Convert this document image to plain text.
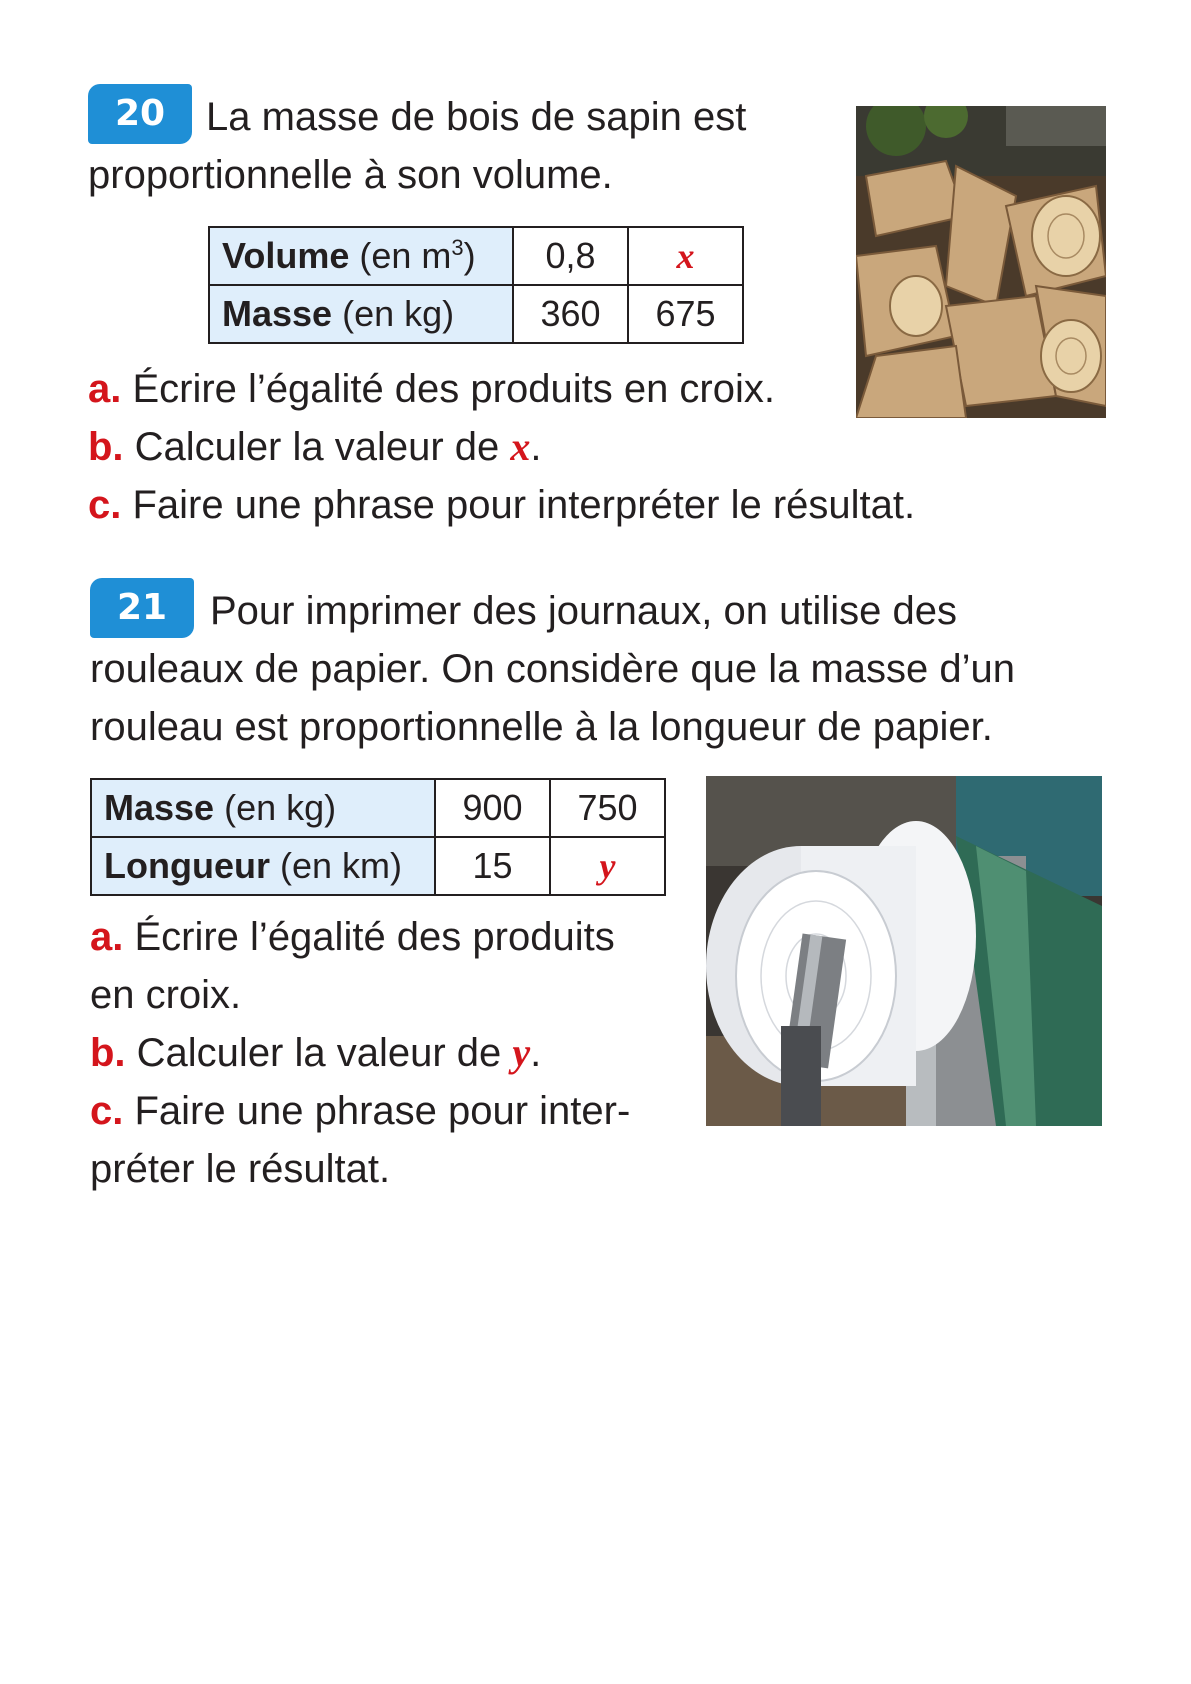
20	La masse de bois de sapin est
proportionnelle à son volume.
Volume (en $m^3$)	0,8	x
Masse (en kg)	360	675
a. Écrire l’égalité des produits en croix.
b. Calculer la valeur de x.
c. Faire une phrase pour interpréter le résultat.
21	Pour imprimer des journaux, on utilise des
rouleaux de papier. On considère que la masse d’un
rouleau est proportionnelle à la longueur de papier.
Masse (en kg)	900	750
Longueur (en km)	15	y
a. Écrire l’égalité des produits
en croix.
b. Calculer la valeur de y.
c. Faire une phrase pour inter-
préter le résultat.
